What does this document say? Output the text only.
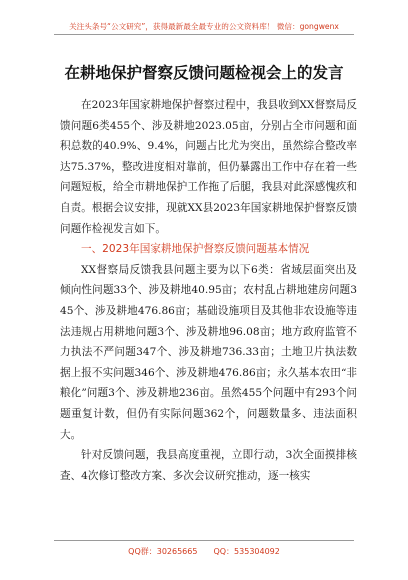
关注头条号“公文研究”，获得最新最全最专业的公文资料库！ 微信：gongwenx
在耕地保护督察反馈问题检视会上的发言

在2023年国家耕地保护督察过程中，我县收到XX督察局反馈问题6类455个、涉及耕地2023.05亩，分别占全市问题和面积总数的40.9%、9.4%，问题占比尤为突出，虽然综合整改率达75.37%，整改进度相对靠前，但仍暴露出工作中存在着一些问题短板，给全市耕地保护工作拖了后腿，我县对此深感愧疚和自责。根据会议安排，现就XX县2023年国家耕地保护督察反馈问题作检视发言如下。

一、2023年国家耕地保护督察反馈问题基本情况

XX督察局反馈我县问题主要为以下6类：省域层面突出及倾向性问题33个、涉及耕地40.95亩；农村乱占耕地建房问题345个、涉及耕地476.86亩；基础设施项目及其他非农设施等违法违规占用耕地问题3个、涉及耕地96.08亩；地方政府监管不力执法不严问题347个、涉及耕地736.33亩；土地卫片执法数据上报不实问题346个、涉及耕地476.86亩；永久基本农田“非粮化”问题3个、涉及耕地236亩。虽然455个问题中有293个问题重复计数，但仍有实际问题362个，问题数量多、违法面积大。

针对反馈问题，我县高度重视，立即行动，3次全面摸排核查、4次修订整改方案、多次会议研究推动，逐一核实

QQ群：30265665　　QQ：535304092
